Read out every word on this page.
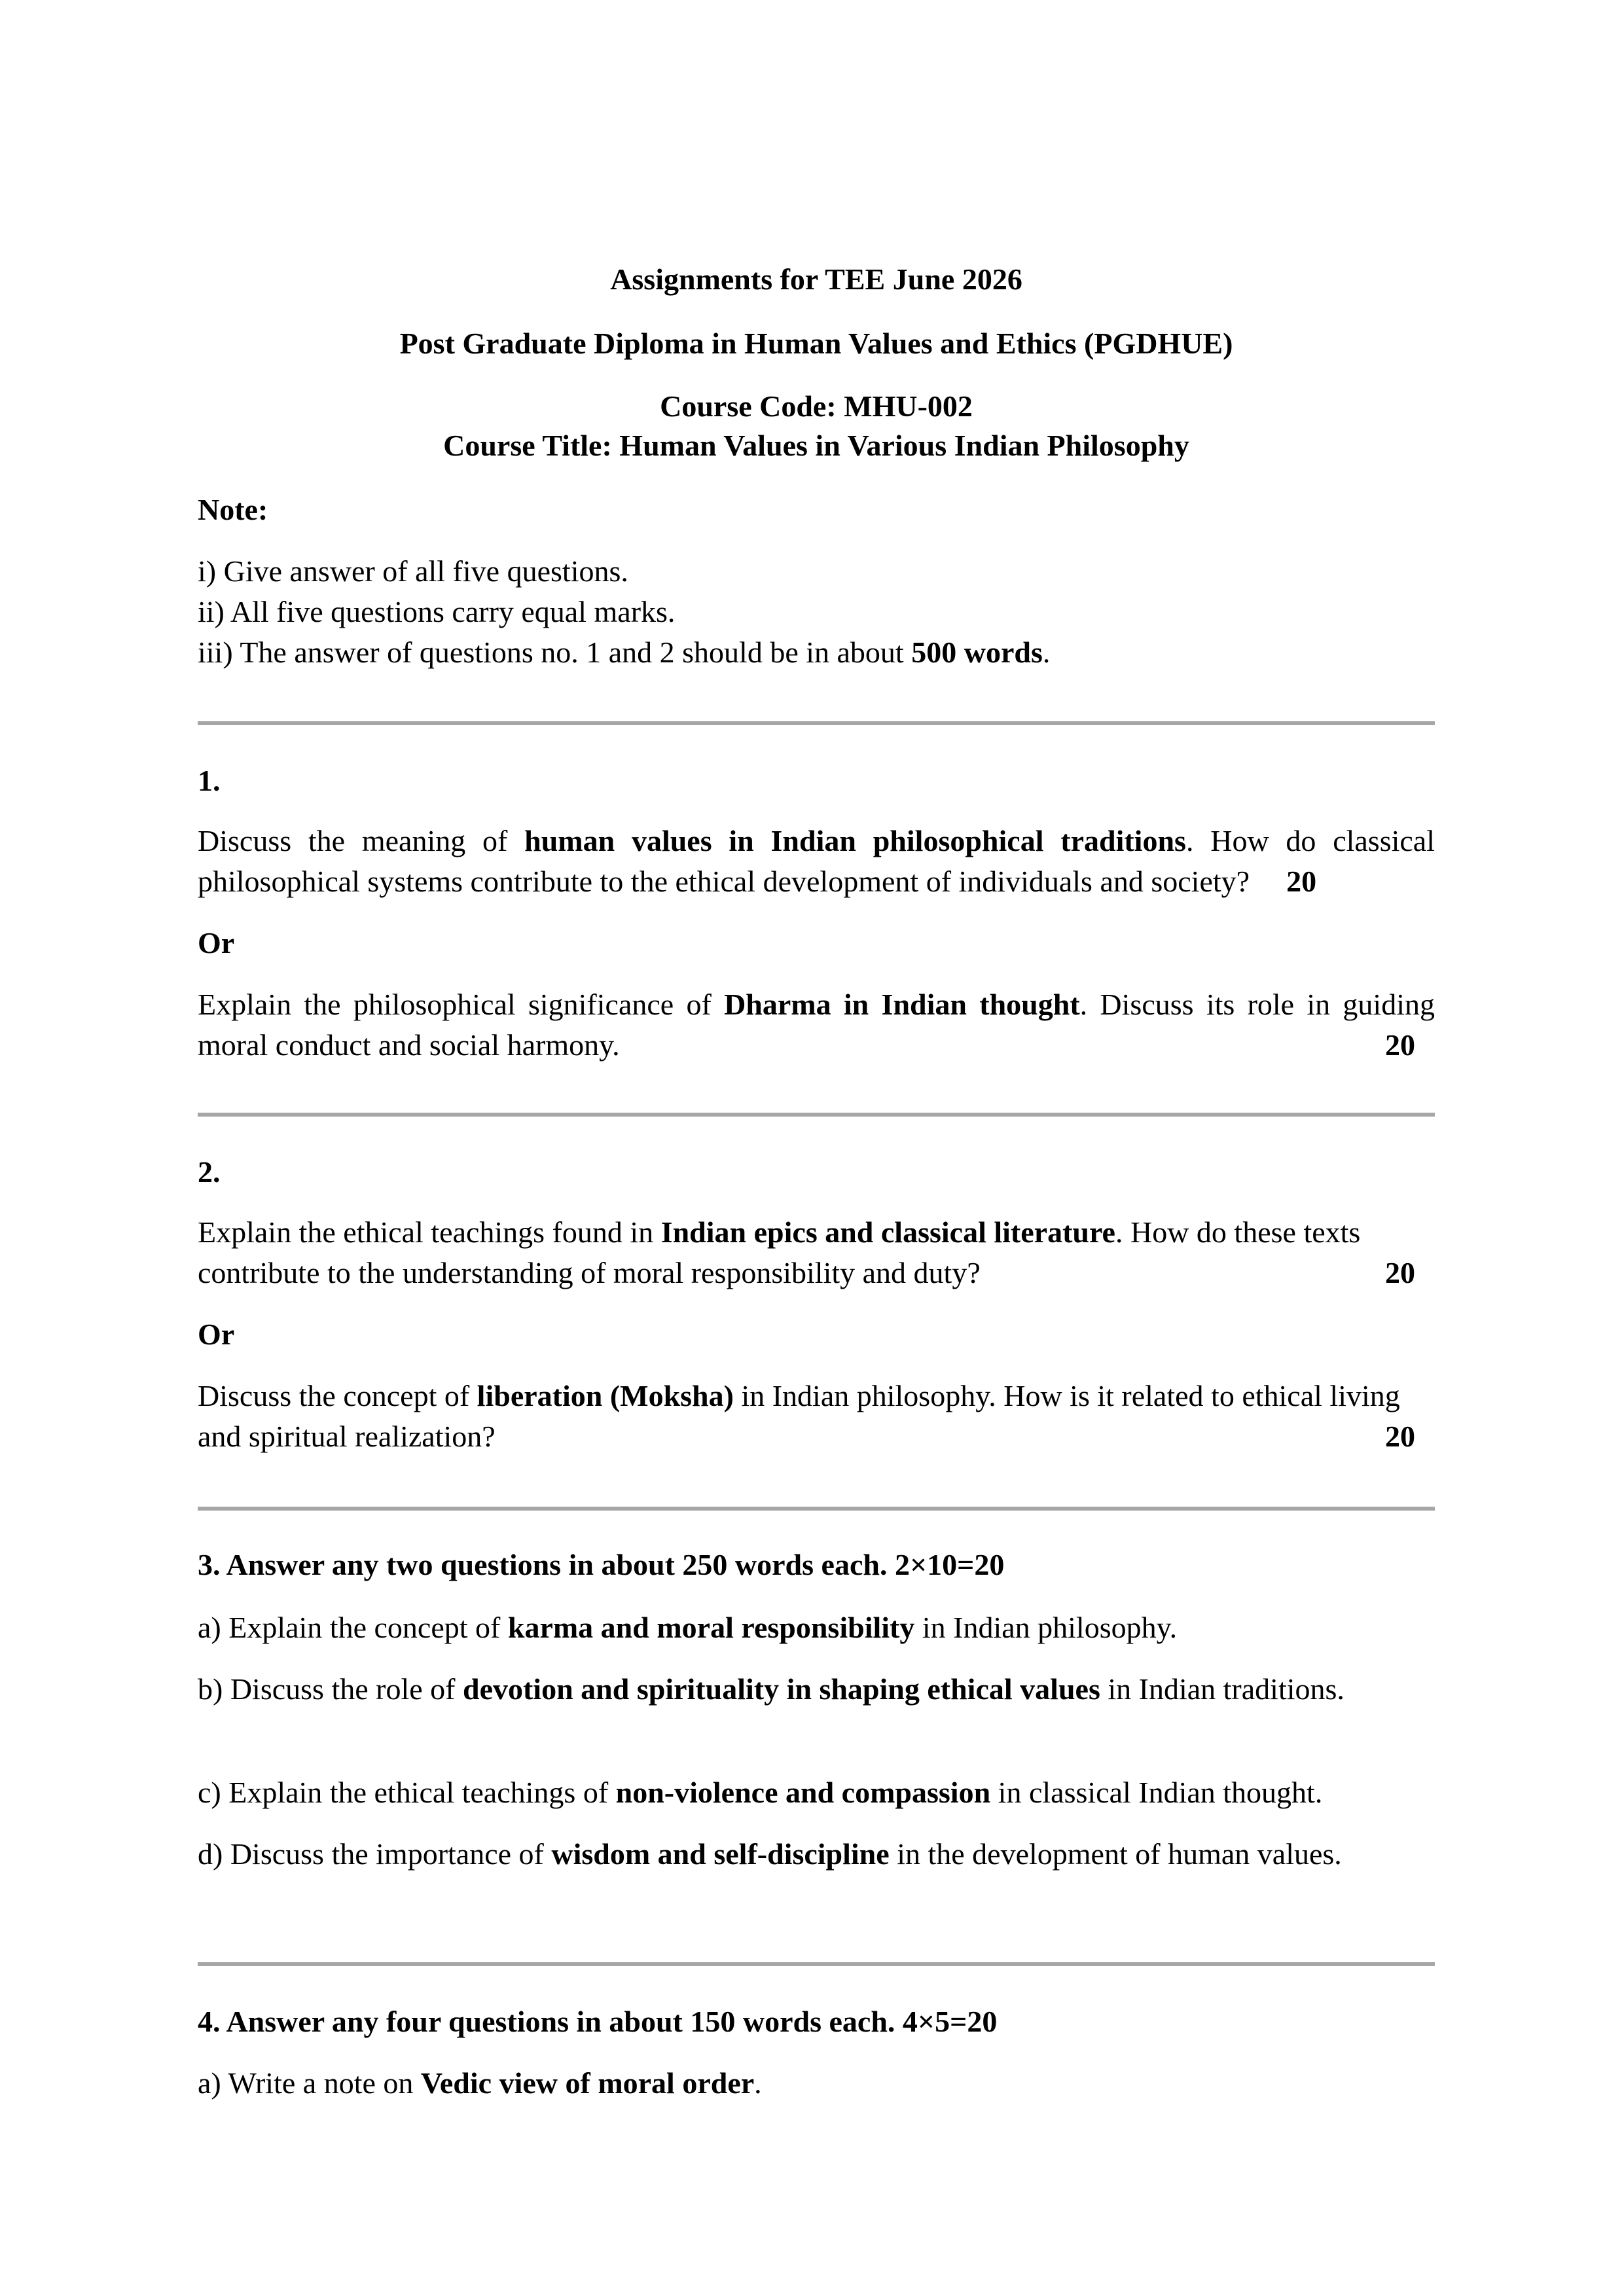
Assignments for TEE June 2026
Post Graduate Diploma in Human Values and Ethics (PGDHUE)
Course Code: MHU-002
Course Title: Human Values in Various Indian Philosophy
Note:
i) Give answer of all five questions.
ii) All five questions carry equal marks.
iii) The answer of questions no. 1 and 2 should be in about 500 words.
1.
Discuss the meaning of human values in Indian philosophical traditions. How do classical philosophical systems contribute to the ethical development of individuals and society? 20
Or
Explain the philosophical significance of Dharma in Indian thought. Discuss its role in guiding moral conduct and social harmony.	20
2.
Explain the ethical teachings found in Indian epics and classical literature. How do these texts contribute to the understanding of moral responsibility and duty?	20
Or
Discuss the concept of liberation (Moksha) in Indian philosophy. How is it related to ethical living and spiritual realization?	20
3. Answer any two questions in about 250 words each. 2×10=20
a) Explain the concept of karma and moral responsibility in Indian philosophy.
b) Discuss the role of devotion and spirituality in shaping ethical values in Indian traditions.
c) Explain the ethical teachings of non-violence and compassion in classical Indian thought.
d) Discuss the importance of wisdom and self-discipline in the development of human values.
4. Answer any four questions in about 150 words each. 4×5=20
a) Write a note on Vedic view of moral order.
